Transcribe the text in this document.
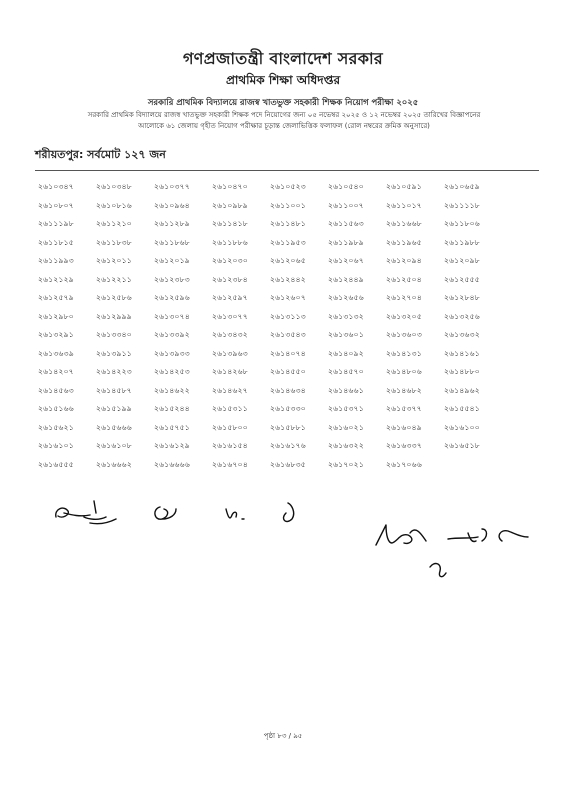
গণপ্রজাতন্ত্রী বাংলাদেশ সরকার
প্রাথমিক শিক্ষা অধিদপ্তর
সরকারি প্রাথমিক বিদ্যালয়ে রাজস্ব খাতভুক্ত সহকারী শিক্ষক নিয়োগ পরীক্ষা ২০২৫
সরকারি প্রাথমিক বিদ্যালয়ে রাজস্ব খাতভুক্ত সহকারী শিক্ষক পদে নিয়োগের জন্য ০৫ নভেম্বর ২০২৫ ও ১২ নভেম্বর ২০২৫ তারিখের বিজ্ঞাপনের
আলোকে ৬১ জেলায় গৃহীত নিয়োগ পরীক্ষার চূড়ান্ত জেলাভিত্তিক ফলাফল (রোল নম্বরের ক্রমিক অনুসারে)
শরীয়তপুর: সর্বমোট ১২৭ জন
২৬১০৩৪৭	২৬১০৩৪৮	২৬১০৩৭৭	২৬১০৪৭০	২৬১০৫২৩	২৬১০৫৪০	২৬১০৫৯১	২৬১০৬৫৯
২৬১০৮০৭	২৬১০৮১৬	২৬১০৯৬৪	২৬১০৯৮৯	২৬১১০০১	২৬১১০০৭	২৬১১০১৭	২৬১১১১৮
২৬১১১৯৮	২৬১১২১০	২৬১১২৮৯	২৬১১৪১৮	২৬১১৪৮১	২৬১১৫৬৩	২৬১১৬৬৮	২৬১১৮০৬
২৬১১৮১৫	২৬১১৮৩৮	২৬১১৮৬৮	২৬১১৮৮৬	২৬১১৯৫৩	২৬১১৯৮৯	২৬১১৯৬৫	২৬১১৯৮৮
২৬১১৯৯৩	২৬১২০১১	২৬১২০১৯	২৬১২০৩০	২৬১২০৬৫	২৬১২০৬৭	২৬১২০৯৪	২৬১২০৯৮
২৬১২১২৯	২৬১২২১১	২৬১২৩৮৩	২৬১২৩৮৪	২৬১২৪৪২	২৬১২৪৪৯	২৬১২৫০৪	২৬১২৫৫৫
২৬১২৫৭৯	২৬১২৫৮৬	২৬১২৫৯৬	২৬১২৫৯৭	২৬১২৬০৭	২৬১২৬৫৬	২৬১২৭০৪	২৬১২৮৪৮
২৬১২৯৮০	২৬১২৯৯৯	২৬১৩০৭৪	২৬১৩০৭৭	২৬১৩১১৩	২৬১৩১৩২	২৬১৩২০৫	২৬১৩২৫৬
২৬১৩২৯১	২৬১৩৩৪০	২৬১৩৩৯২	২৬১৩৪৩২	২৬১৩৫৪৩	২৬১৩৬০১	২৬১৩৬০৩	২৬১৩৬৩২
২৬১৩৬৩৯	২৬১৩৯১১	২৬১৩৯৩৩	২৬১৩৯৬৩	২৬১৪০৭৪	২৬১৪০৯২	২৬১৪১৩১	২৬১৪১৬১
২৬১৪২০৭	২৬১৪২২৩	২৬১৪২৫৩	২৬১৪২৬৮	২৬১৪৫৫০	২৬১৪৫৭০	২৬১৪৮০৬	২৬১৪৮৮০
২৬১৪৫৬৩	২৬১৪৫৮৭	২৬১৪৬২২	২৬১৪৬২৭	২৬১৪৬৩৪	২৬১৪৬৬১	২৬১৪৬৮২	২৬১৪৯৬২
২৬১৫১৬৬	২৬১৫১৯৯	২৬১৫২৪৪	২৬১৫৩১১	২৬১৫৩৩০	২৬১৫৩৭১	২৬১৫৩৭৭	২৬১৫৫৪১
২৬১৫৬২১	২৬১৫৬৬৬	২৬১৫৭৫১	২৬১৫৮০০	২৬১৫৮৮১	২৬১৬০২১	২৬১৬০৪৯	২৬১৬১০০
২৬১৬১০১	২৬১৬১০৮	২৬১৬১২৯	২৬১৬১৫৪	২৬১৬১৭৬	২৬১৬৩২২	২৬১৬৩৩৭	২৬১৬৫১৮
২৬১৬৫৫৫	২৬১৬৬৬২	২৬১৬৬৬৬	২৬১৬৭০৪	২৬১৬৮৩৫	২৬১৭০২১	২৬১৭০৬৬
পৃষ্ঠা ৮৩ / ৯৫
